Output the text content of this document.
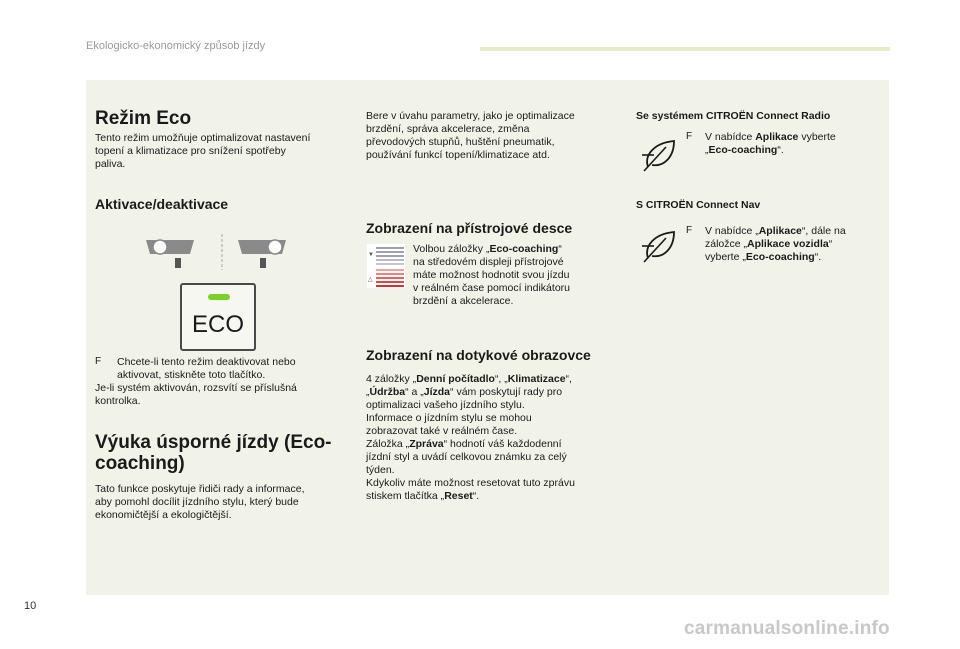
Ekologicko-ekonomický způsob jízdy
Režim Eco

Tento režim umožňuje optimalizovat nastavení

topení a klimatizace pro snížení spotřeby

paliva.

Aktivace/deaktivace
ECO
F Chcete-li tento režim deaktivovat nebo

aktivovat, stiskněte toto tlačítko.

Je-li systém aktivován, rozsvítí se příslušná

kontrolka.

Výuka úsporné jízdy (Eco-
coaching)

Tato funkce poskytuje řidiči rady a informace,

aby pomohl docílit jízdního stylu, který bude

ekonomičtější a ekologičtější.

Bere v úvahu parametry, jako je optimalizace

brzdění, správa akcelerace, změna

převodových stupňů, huštění pneumatik,

používání funkcí topení/klimatizace atd.

Zobrazení na přístrojové desce
▼
△

Volbou záložky „Eco-coaching“

na středovém displeji přístrojové

máte možnost hodnotit svou jízdu

v reálném čase pomocí indikátoru

brzdění a akcelerace.

Zobrazení na dotykové obrazovce

4 záložky „Denní počítadlo“, „Klimatizace“,

„Údržba“ a „Jízda“ vám poskytují rady pro

optimalizaci vašeho jízdního stylu.

Informace o jízdním stylu se mohou

zobrazovat také v reálném čase.

Záložka „Zpráva“ hodnotí váš každodenní

jízdní styl a uvádí celkovou známku za celý

týden.

Kdykoliv máte možnost resetovat tuto zprávu

stiskem tlačítka „Reset“.

Se systémem CITROËN Connect Radio
F V nabídce Aplikace vyberte

„Eco-coaching“.

S CITROËN Connect Nav
F V nabídce „Aplikace“, dále na

záložce „Aplikace vozidla“

vyberte „Eco-coaching“.

10
carmanualsonline.info
